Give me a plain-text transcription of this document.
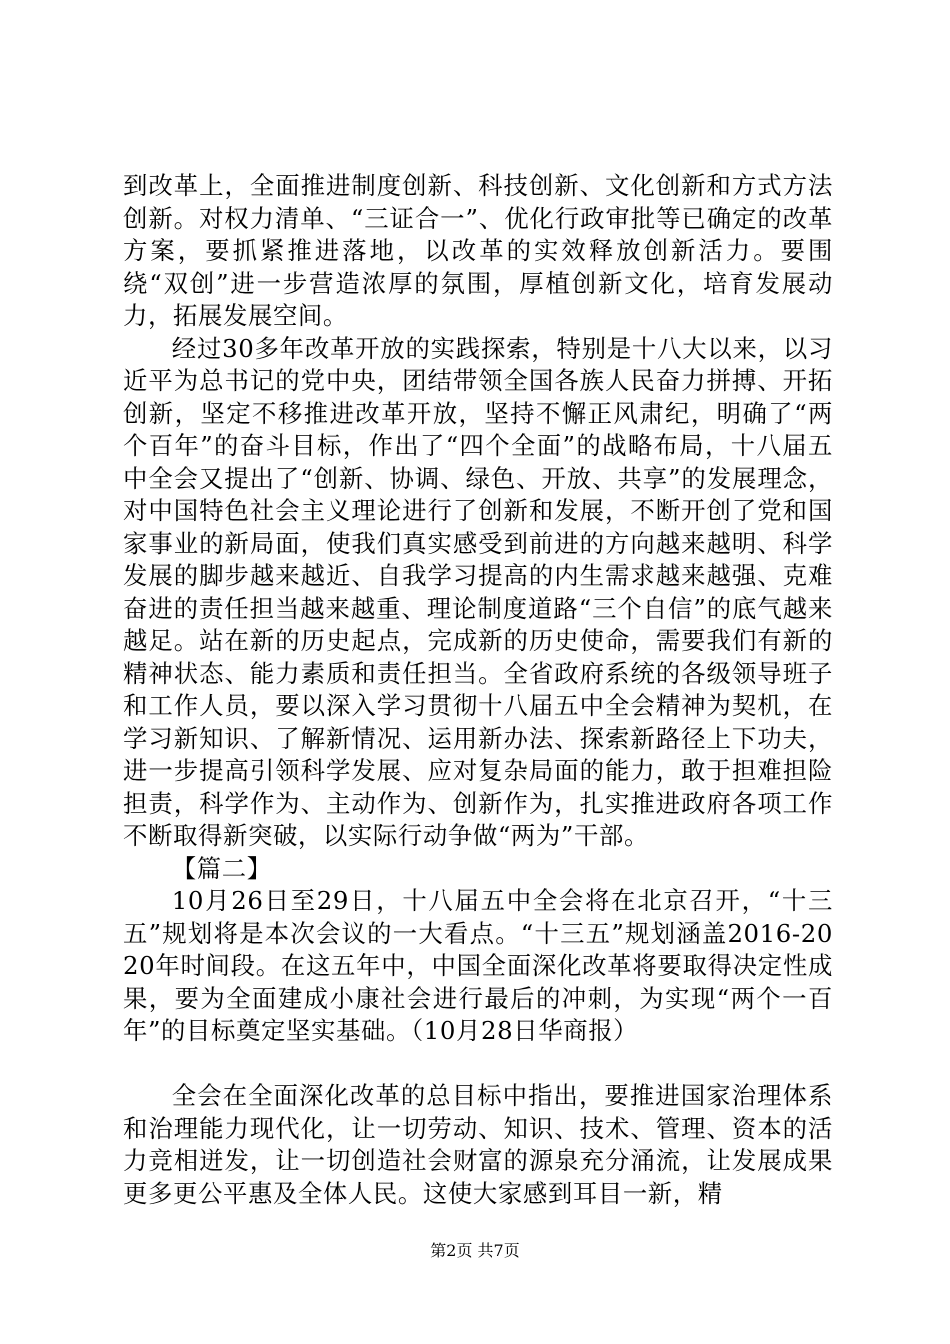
到改革上，全面推进制度创新、科技创新、文化创新和方式方法创新。对权力清单、“三证合一”、优化行政审批等已确定的改革方案，要抓紧推进落地，以改革的实效释放创新活力。要围绕“双创”进一步营造浓厚的氛围，厚植创新文化，培育发展动力，拓展发展空间。

经过30多年改革开放的实践探索，特别是十八大以来，以习近平为总书记的党中央，团结带领全国各族人民奋力拼搏、开拓创新，坚定不移推进改革开放，坚持不懈正风肃纪，明确了“两个百年”的奋斗目标，作出了“四个全面”的战略布局，十八届五中全会又提出了“创新、协调、绿色、开放、共享”的发展理念，对中国特色社会主义理论进行了创新和发展，不断开创了党和国家事业的新局面，使我们真实感受到前进的方向越来越明、科学发展的脚步越来越近、自我学习提高的内生需求越来越强、克难奋进的责任担当越来越重、理论制度道路“三个自信”的底气越来越足。站在新的历史起点，完成新的历史使命，需要我们有新的精神状态、能力素质和责任担当。全省政府系统的各级领导班子和工作人员，要以深入学习贯彻十八届五中全会精神为契机，在学习新知识、了解新情况、运用新办法、探索新路径上下功夫，进一步提高引领科学发展、应对复杂局面的能力，敢于担难担险担责，科学作为、主动作为、创新作为，扎实推进政府各项工作不断取得新突破，以实际行动争做“两为”干部。

【篇二】

10月26日至29日，十八届五中全会将在北京召开，“十三五”规划将是本次会议的一大看点。“十三五”规划涵盖2016-2020年时间段。在这五年中，中国全面深化改革将要取得决定性成果，要为全面建成小康社会进行最后的冲刺，为实现“两个一百年”的目标奠定坚实基础。（10月28日华商报）

全会在全面深化改革的总目标中指出，要推进国家治理体系和治理能力现代化，让一切劳动、知识、技术、管理、资本的活力竞相迸发，让一切创造社会财富的源泉充分涌流，让发展成果更多更公平惠及全体人民。这使大家感到耳目一新，精

第2页 共7页
